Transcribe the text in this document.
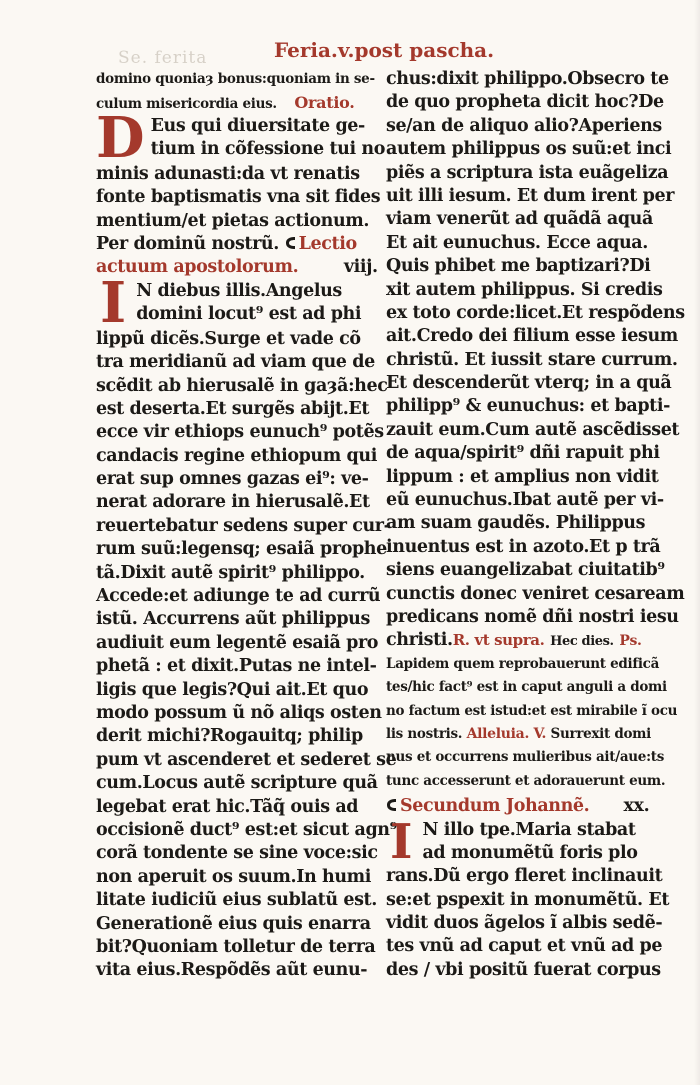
Se. ferita	Feria.v.post pascha.
domino quoniaȝ bonus:quoniam in se-
culum misericordia eius. Oratio.
D Eus qui diuersitate ge-
tium in cõfessione tui no
minis adunasti:da vt renatis
fonte baptismatis vna sit fides
mentium/et pietas actionum.
Per dominũ nostrũ. Lectio
actuum apostolorum.	viij.
I N diebus illis.Angelus
domini locut⁹ est ad phi
lippũ dicẽs.Surge et vade cõ
tra meridianũ ad viam que de
scẽdit ab hierusalẽ in gaȝã:hec
est deserta.Et surgẽs abijt.Et
ecce vir ethiops eunuch⁹ potẽs
candacis regine ethiopum qui
erat sup omnes gazas ei⁹: ve-
nerat adorare in hierusalẽ.Et
reuertebatur sedens super cur-
rum suũ:legensq; esaiã prophe
tã.Dixit autẽ spirit⁹ philippo.
Accede:et adiunge te ad currũ
istũ. Accurrens aũt philippus
audiuit eum legentẽ esaiã pro
phetã : et dixit.Putas ne intel-
ligis que legis?Qui ait.Et quo
modo possum ũ nõ aliqs osten
derit michi?Rogauitq; philip
pum vt ascenderet et sederet se
cum.Locus autẽ scripture quã
legebat erat hic.Tãq̃ ouis ad
occisionẽ duct⁹ est:et sicut agn⁹
corã tondente se sine voce:sic
non aperuit os suum.In humi
litate iudiciũ eius sublatũ est.
Generationẽ eius quis enarra
bit?Quoniam tolletur de terra
vita eius.Respõdẽs aũt eunu-
chus:dixit philippo.Obsecro te
de quo propheta dicit hoc?De
se/an de aliquo alio?Aperiens
autem philippus os suũ:et inci
piẽs a scriptura ista euãgeliza
uit illi iesum. Et dum irent per
viam venerũt ad quãdã aquã
Et ait eunuchus. Ecce aqua.
Quis phibet me baptizari?Di
xit autem philippus. Si credis
ex toto corde:licet.Et respõdens
ait.Credo dei filium esse iesum
christũ. Et iussit stare currum.
Et descenderũt vterq; in a quã
philipp⁹ & eunuchus: et bapti-
zauit eum.Cum autẽ ascẽdisset
de aqua/spirit⁹ dñi rapuit phi
lippum : et amplius non vidit
eũ eunuchus.Ibat autẽ per vi-
am suam gaudẽs. Philippus
inuentus est in azoto.Et p trã
siens euangelizabat ciuitatib⁹
cunctis donec veniret cesaream
predicans nomẽ dñi nostri iesu
christi.R. vt supra. Hec dies. Ps.
Lapidem quem reprobauerunt edificã
tes/hic fact⁹ est in caput anguli a domi
no factum est istud:et est mirabile ĩ ocu
lis nostris. Alleluia. V. Surrexit domi
nus et occurrens mulieribus ait/aue:ts
tunc accesserunt et adorauerunt eum.
Secundum Johannẽ. xx.
I N illo tpe.Maria stabat
ad monumẽtũ foris plo
rans.Dũ ergo fleret inclinauit
se:et pspexit in monumẽtũ. Et
vidit duos ãgelos ĩ albis sedẽ-
tes vnũ ad caput et vnũ ad pe
des / vbi positũ fuerat corpus
